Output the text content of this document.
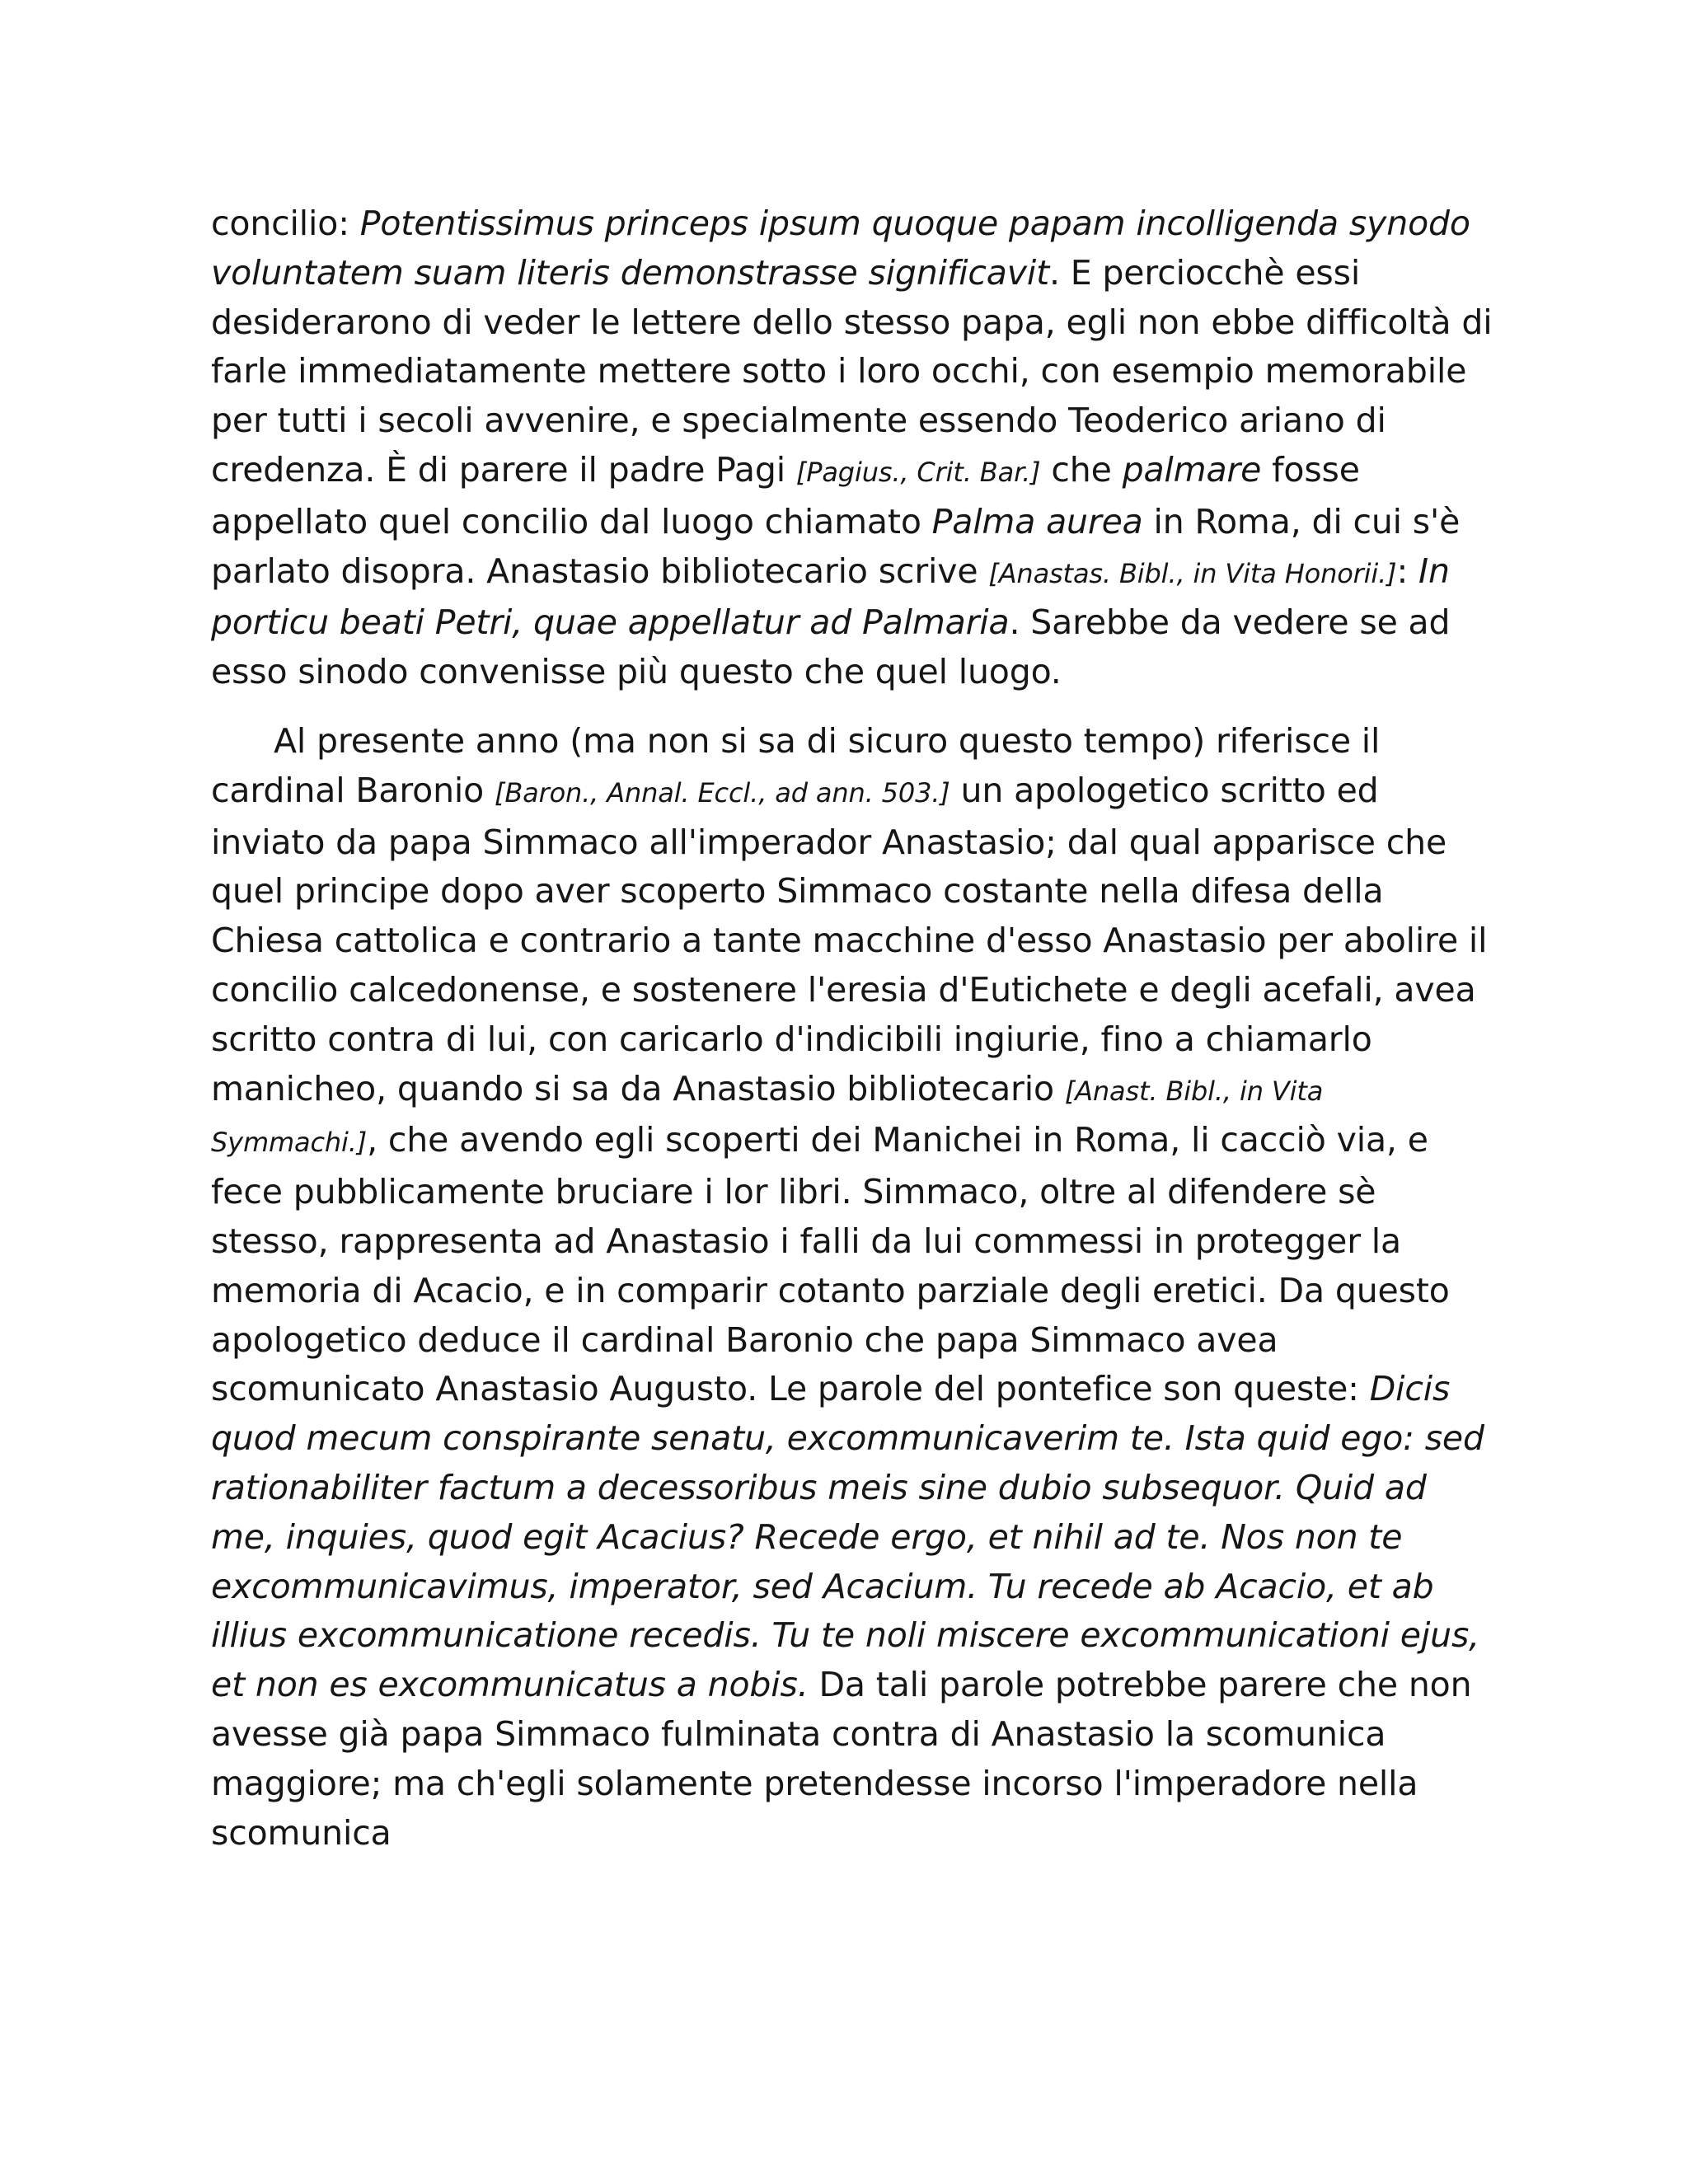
concilio: Potentissimus princeps ipsum quoque papam incolligenda synodo voluntatem suam literis demonstrasse significavit. E perciocchè essi desiderarono di veder le lettere dello stesso papa, egli non ebbe difficoltà di farle immediatamente mettere sotto i loro occhi, con esempio memorabile per tutti i secoli avvenire, e specialmente essendo Teoderico ariano di credenza. È di parere il padre Pagi [Pagius., Crit. Bar.] che palmare fosse appellato quel concilio dal luogo chiamato Palma aurea in Roma, di cui s'è parlato disopra. Anastasio bibliotecario scrive [Anastas. Bibl., in Vita Honorii.]: In porticu beati Petri, quae appellatur ad Palmaria. Sarebbe da vedere se ad esso sinodo convenisse più questo che quel luogo.

Al presente anno (ma non si sa di sicuro questo tempo) riferisce il cardinal Baronio [Baron., Annal. Eccl., ad ann. 503.] un apologetico scritto ed inviato da papa Simmaco all'imperador Anastasio; dal qual apparisce che quel principe dopo aver scoperto Simmaco costante nella difesa della Chiesa cattolica e contrario a tante macchine d'esso Anastasio per abolire il concilio calcedonense, e sostenere l'eresia d'Eutichete e degli acefali, avea scritto contra di lui, con caricarlo d'indicibili ingiurie, fino a chiamarlo manicheo, quando si sa da Anastasio bibliotecario [Anast. Bibl., in Vita Symmachi.], che avendo egli scoperti dei Manichei in Roma, li cacciò via, e fece pubblicamente bruciare i lor libri. Simmaco, oltre al difendere sè stesso, rappresenta ad Anastasio i falli da lui commessi in protegger la memoria di Acacio, e in comparir cotanto parziale degli eretici. Da questo apologetico deduce il cardinal Baronio che papa Simmaco avea scomunicato Anastasio Augusto. Le parole del pontefice son queste: Dicis quod mecum conspirante senatu, excommunicaverim te. Ista quid ego: sed rationabiliter factum a decessoribus meis sine dubio subsequor. Quid ad me, inquies, quod egit Acacius? Recede ergo, et nihil ad te. Nos non te excommunicavimus, imperator, sed Acacium. Tu recede ab Acacio, et ab illius excommunicatione recedis. Tu te noli miscere excommunicationi ejus, et non es excommunicatus a nobis. Da tali parole potrebbe parere che non avesse già papa Simmaco fulminata contra di Anastasio la scomunica maggiore; ma ch'egli solamente pretendesse incorso l'imperadore nella scomunica
